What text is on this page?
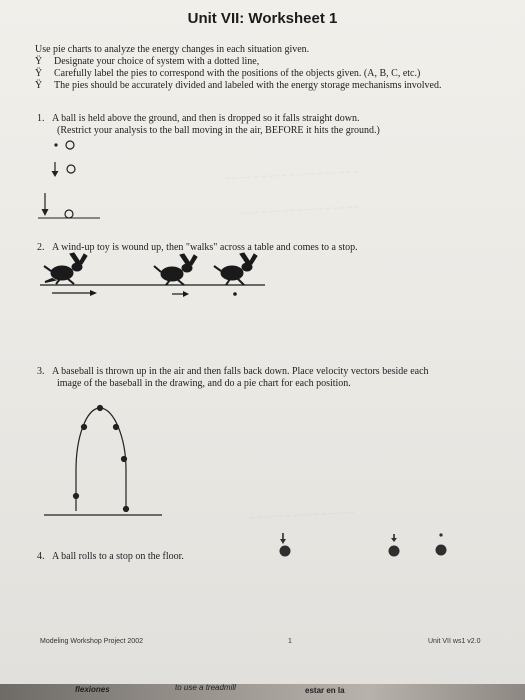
flexiones	to use a treadmill	estar en la
~ ~ ~ ~ ~ ~ ~ ~ ~ ~ ~ ~ ~ ~ ~ ~ ~ ~ ~
~ ~ ~ ~ ~ ~ ~ ~ ~ ~ ~ ~ ~ ~ ~ ~ ~
~ ~ ~ ~ ~ ~ ~ ~ ~ ~ ~ ~ ~ ~ ~
Unit VII: Worksheet 1
Use pie charts to analyze the energy changes in each situation given.
Ÿ Designate your choice of system with a dotted line,
Ÿ Carefully label the pies to correspond with the positions of the objects given. (A, B, C, etc.)
Ÿ The pies should be accurately divided and labeled with the energy storage mechanisms involved.
1. A ball is held above the ground, and then is dropped so it falls straight down.
(Restrict your analysis to the ball moving in the air, BEFORE it hits the ground.)
2. A wind-up toy is wound up, then "walks" across a table and comes to a stop.
3. A baseball is thrown up in the air and then falls back down. Place velocity vectors beside each
image of the baseball in the drawing, and do a pie chart for each position.
4. A ball rolls to a stop on the floor.
Modeling Workshop Project 2002	1	Unit VII ws1 v2.0
